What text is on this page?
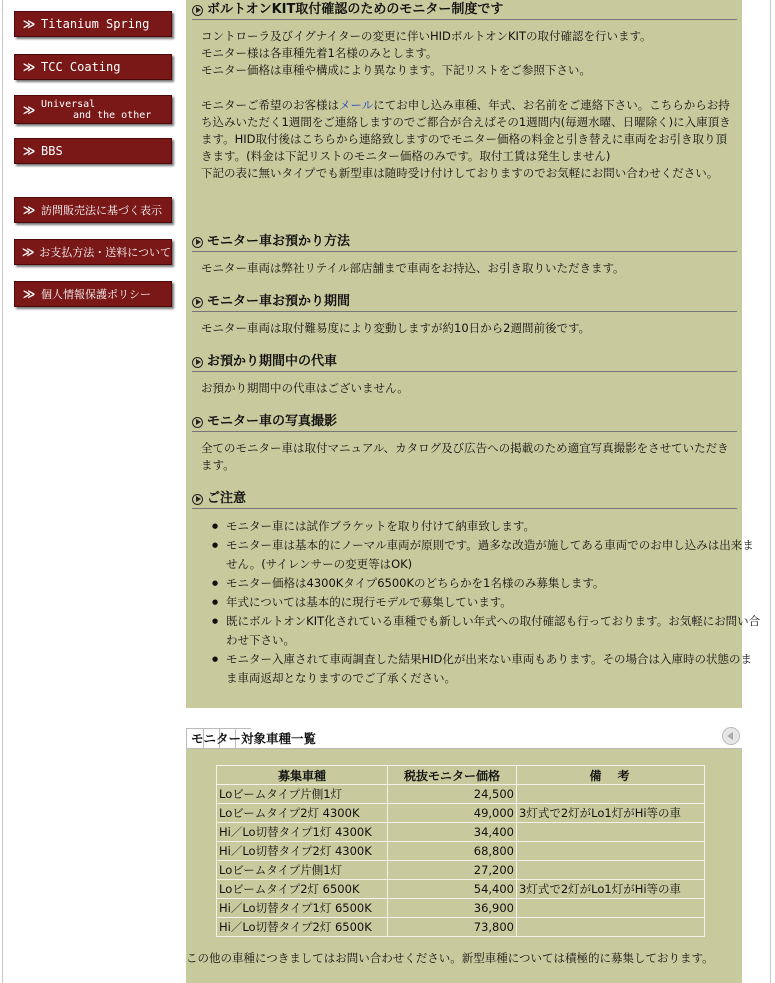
≫ Titanium Spring
≫ TCC Coating
≫ Universal
and the other
≫ BBS
≫ 訪問販売法に基づく表示
≫ お支払方法・送料について
≫ 個人情報保護ポリシー
ボルトオンKIT取付確認のためのモニター制度です

コントローラ及びイグナイターの変更に伴いHIDボルトオンKITの取付確認を行います。

モニター様は各車種先着1名様のみとします。

モニター価格は車種や構成により異なります。下記リストをご参照下さい。

モニターご希望のお客様はメールにてお申し込み車種、年式、お名前をご連絡下さい。こちらからお持ち込みいただく1週間をご連絡しますのでご都合が合えばその1週間内(毎週水曜、日曜除く)に入庫頂きます。HID取付後はこちらから連絡致しますのでモニター価格の料金と引き替えに車両をお引き取り頂きます。(料金は下記リストのモニター価格のみです。取付工賃は発生しません)

下記の表に無いタイプでも新型車は随時受け付けしておりますのでお気軽にお問い合わせください。

モニター車お預かり方法
モニター車両は弊社リテイル部店舗まで車両をお持込、お引き取りいただきます。
モニター車お預かり期間
モニター車両は取付難易度により変動しますが約10日から2週間前後です。
お預かり期間中の代車
お預かり期間中の代車はございません。
モニター車の写真撮影
全てのモニター車は取付マニュアル、カタログ及び広告への掲載のため適宜写真撮影をさせていただきます。
ご注意
● モニター車には試作ブラケットを取り付けて納車致します。
● モニター車は基本的にノーマル車両が原則です。過多な改造が施してある車両でのお申し込みは出来ません。(サイレンサーの変更等はOK)
● モニター価格は4300Kタイプ6500Kのどちらかを1名様のみ募集します。
● 年式については基本的に現行モデルで募集しています。
● 既にボルトオンKIT化されている車種でも新しい年式への取付確認も行っております。お気軽にお問い合わせ下さい。
● モニター入庫されて車両調査した結果HID化が出来ない車両もあります。その場合は入庫時の状態のまま車両返却となりますのでご了承ください。
モニター対象車種一覧
募集車種	税抜モニター価格	備　考
Loビームタイプ片側1灯	24,500	
Loビームタイプ2灯 4300K	49,000	3灯式で2灯がLo1灯がHi等の車
Hi／Lo切替タイプ1灯 4300K	34,400	
Hi／Lo切替タイプ2灯 4300K	68,800	
Loビームタイプ片側1灯	27,200	
Loビームタイプ2灯 6500K	54,400	3灯式で2灯がLo1灯がHi等の車
Hi／Lo切替タイプ1灯 6500K	36,900	
Hi／Lo切替タイプ2灯 6500K	73,800	
この他の車種につきましてはお問い合わせください。新型車種については積極的に募集しております。
